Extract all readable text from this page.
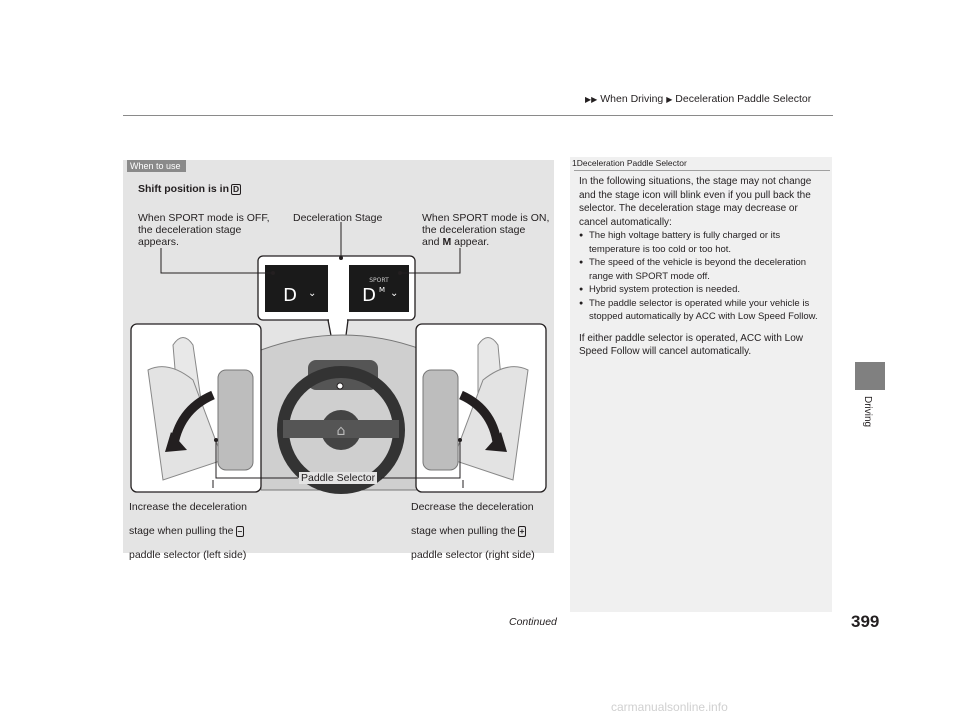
▶▶ When Driving ▶ Deceleration Paddle Selector
Driving
When to use
Shift position is in D
When SPORT mode is OFF,
the deceleration stage
appears.
Deceleration Stage	When SPORT mode is ON,
the deceleration stage
and M appear.
D ⌄
SPORT
D M ⌄
⌂
Paddle Selector

Increase the deceleration

stage when pulling the –

paddle selector (left side)

Decrease the deceleration

stage when pulling the +

paddle selector (right side)

1Deceleration Paddle Selector

In the following situations, the stage may not change and the stage icon will blink even if you pull back the selector. The deceleration stage may decrease or cancel automatically:

● The high voltage battery is fully charged or its temperature is too cold or too hot.
● The speed of the vehicle is beyond the deceleration range with SPORT mode off.
● Hybrid system protection is needed.
● The paddle selector is operated while your vehicle is stopped automatically by ACC with Low Speed Follow.

If either paddle selector is operated, ACC with Low Speed Follow will cancel automatically.

Continued	399
carmanualsonline.info
